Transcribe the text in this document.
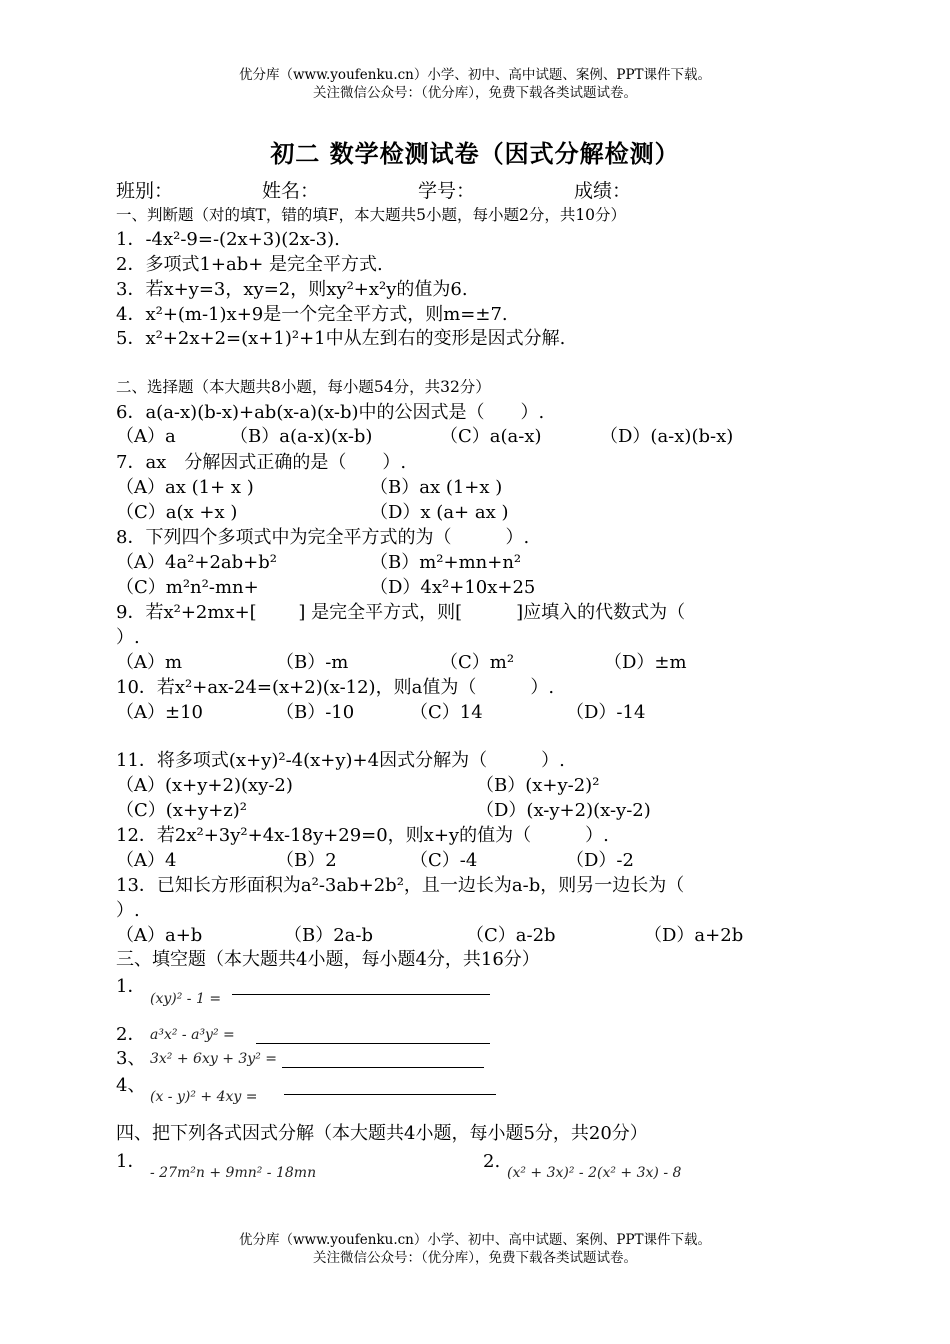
优分库（www.youfenku.cn）小学、初中、高中试题、案例、PPT课件下载。
关注微信公众号：（优分库），免费下载各类试题试卷。
初二 数学检测试卷（因式分解检测）
班别：	姓名：	学号：	成绩：
一、判断题（对的填T，错的填F，本大题共5小题，每小题2分，共10分）
1．-4x²-9=-(2x+3)(2x-3).
2．多项式1+ab+ 是完全平方式.
3．若x+y=3，xy=2，则xy²+x²y的值为6.
4．x²+(m-1)x+9是一个完全平方式，则m=±7.
5．x²+2x+2=(x+1)²+1中从左到右的变形是因式分解.
二、选择题（本大题共8小题，每小题54分，共32分）
6．a(a-x)(b-x)+ab(x-a)(x-b)中的公因式是（　　）.
（A）a	（B）a(a-x)(x-b)	（C）a(a-x)	（D）(a-x)(b-x)
7．ax　分解因式正确的是（　　）.
（A）ax (1+ x )	（B）ax (1+x )
（C）a(x +x )	（D）x (a+ ax )
8．下列四个多项式中为完全平方式的为（　　　）.
（A）4a²+2ab+b²	（B）m²+mn+n²
（C）m²n²-mn+	（D）4x²+10x+25
9．若x²+2mx+[　　 ] 是完全平方式，则[　　　]应填入的代数式为（
）.
（A）m	（B）-m	（C）m²	（D）±m
10．若x²+ax-24=(x+2)(x-12)，则a值为（　　　）.
（A）±10	（B）-10	（C）14	（D）-14
11．将多项式(x+y)²-4(x+y)+4因式分解为（　　　）.
（A）(x+y+2)(xy-2)	（B）(x+y-2)²
（C）(x+y+z)²	（D）(x-y+2)(x-y-2)
12．若2x²+3y²+4x-18y+29=0，则x+y的值为（　　　）.
（A）4	（B）2	（C）-4	（D）-2
13．已知长方形面积为a²-3ab+2b²，且一边长为a-b，则另一边长为（
）.
（A）a+b	（B）2a-b	（C）a-2b	（D）a+2b
三、填空题（本大题共4小题，每小题4分，共16分）
1．
(xy)² - 1 =
2． a³x² - a³y² =
3、 3x² + 6xy + 3y² =
4、
(x - y)² + 4xy =
四、把下列各式因式分解（本大题共4小题，每小题5分，共20分）
1．
- 27m²n + 9mn² - 18mn
2.
(x² + 3x)² - 2(x² + 3x) - 8
优分库（www.youfenku.cn）小学、初中、高中试题、案例、PPT课件下载。
关注微信公众号：（优分库），免费下载各类试题试卷。
